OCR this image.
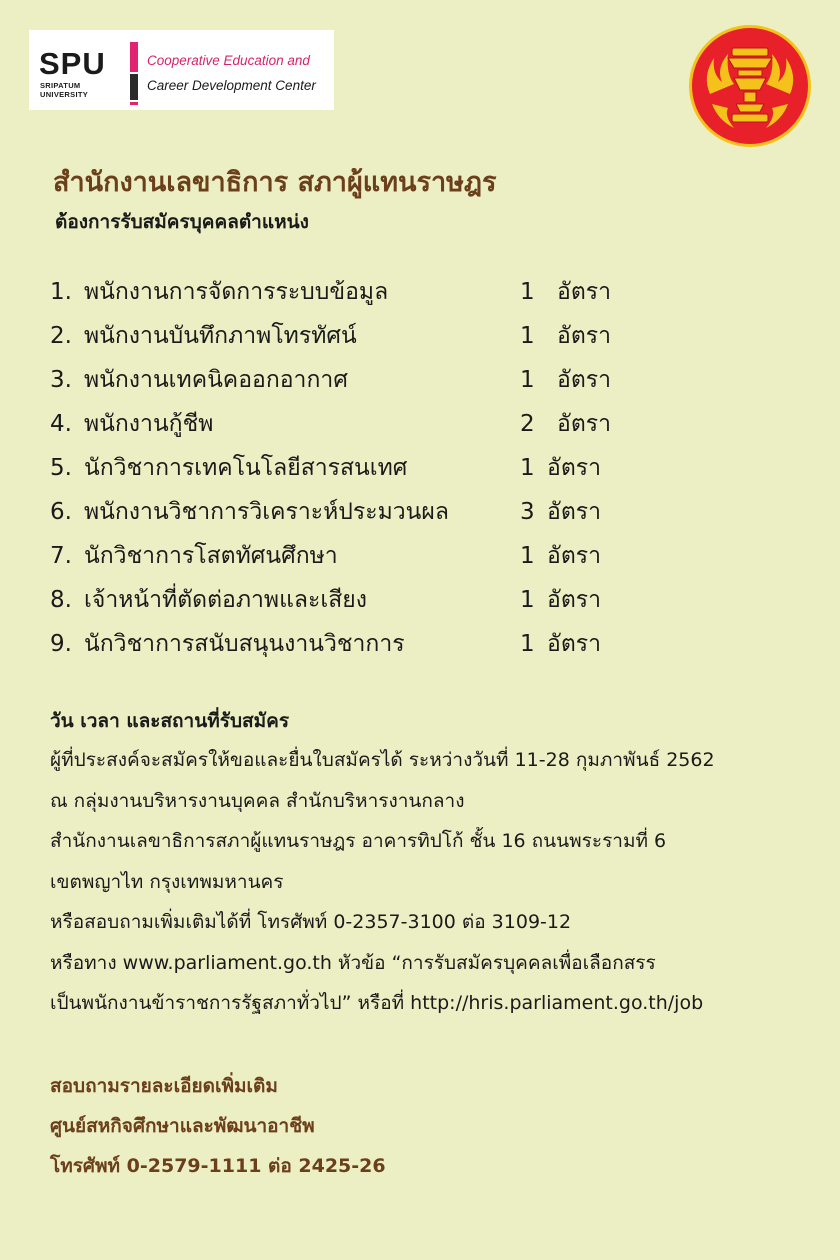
SPU
SRIPATUM
UNIVERSITY
Cooperative Education and
Career Development Center
สำนักงานเลขาธิการ สภาผู้แทนราษฎร
ต้องการรับสมัครบุคคลตำแหน่ง
1. พนักงานการจัดการระบบข้อมูล	1 อัตรา
2. พนักงานบันทึกภาพโทรทัศน์	1 อัตรา
3. พนักงานเทคนิคออกอากาศ	1 อัตรา
4. พนักงานกู้ชีพ	2 อัตรา
5. นักวิชาการเทคโนโลยีสารสนเทศ	1 อัตรา
6. พนักงานวิชาการวิเคราะห์ประมวนผล	3 อัตรา
7. นักวิชาการโสตทัศนศึกษา	1 อัตรา
8. เจ้าหน้าที่ตัดต่อภาพและเสียง	1 อัตรา
9. นักวิชาการสนับสนุนงานวิชาการ	1 อัตรา
วัน เวลา และสถานที่รับสมัคร
ผู้ที่ประสงค์จะสมัครให้ขอและยื่นใบสมัครได้ ระหว่างวันที่ 11-28 กุมภาพันธ์ 2562
ณ กลุ่มงานบริหารงานบุคคล สำนักบริหารงานกลาง
สำนักงานเลขาธิการสภาผู้แทนราษฎร อาคารทิปโก้ ชั้น 16 ถนนพระรามที่ 6
เขตพญาไท กรุงเทพมหานคร
หรือสอบถามเพิ่มเติมได้ที่ โทรศัพท์ 0-2357-3100 ต่อ 3109-12
หรือทาง www.parliament.go.th หัวข้อ “การรับสมัครบุคคลเพื่อเลือกสรร
เป็นพนักงานข้าราชการรัฐสภาทั่วไป” หรือที่ http://hris.parliament.go.th/job
สอบถามรายละเอียดเพิ่มเติม
ศูนย์สหกิจศึกษาและพัฒนาอาชีพ
โทรศัพท์ 0-2579-1111 ต่อ 2425-26
